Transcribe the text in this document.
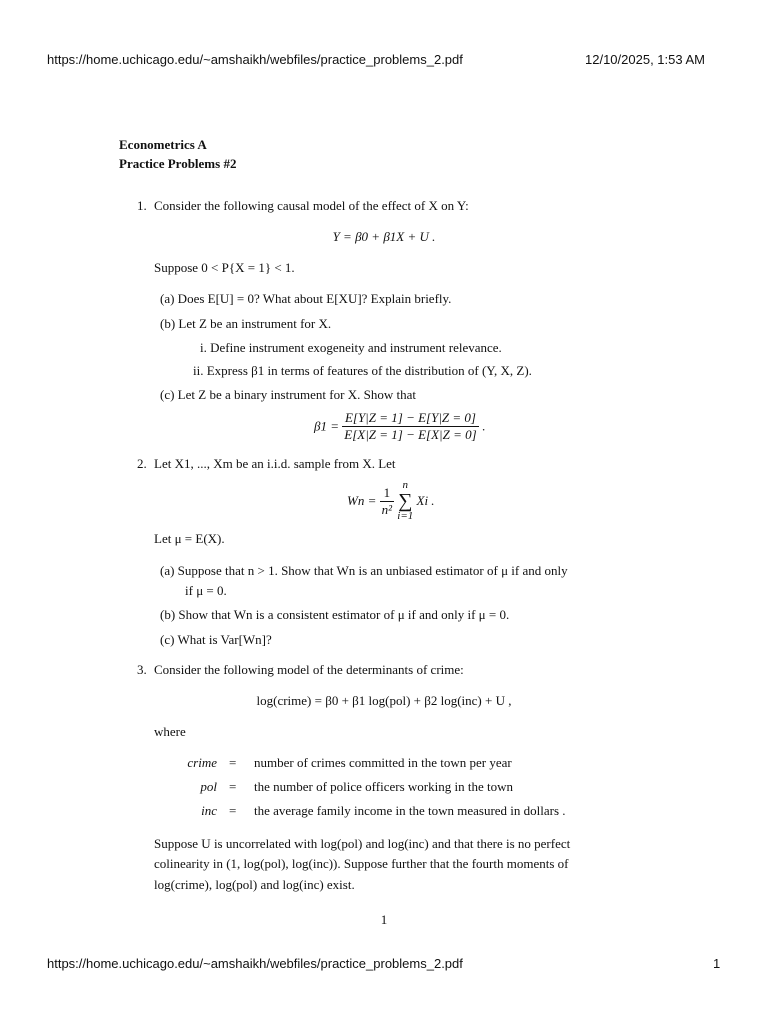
https://home.uchicago.edu/~amshaikh/webfiles/practice_problems_2.pdf	12/10/2025, 1:53 AM
Econometrics A
Practice Problems #2
1. Consider the following causal model of the effect of X on Y:
Y = β0 + β1X + U .
Suppose 0 < P{X = 1} < 1.
(a) Does E[U] = 0? What about E[XU]? Explain briefly.
(b) Let Z be an instrument for X.
i. Define instrument exogeneity and instrument relevance.
ii. Express β1 in terms of features of the distribution of (Y, X, Z).
(c) Let Z be a binary instrument for X. Show that
$\beta 1 = \frac{E[Y|Z = 1] - E[Y|Z = 0]}{E[X|Z = 1] - E[X|Z = 0]}$ .
2. Let X1, ..., Xm be an i.i.d. sample from X. Let
$Wn = \frac{1}{\text{n²}}$ n
∑
i=1 Xi .
Let μ = E(X).
(a) Suppose that n > 1. Show that Wn is an unbiased estimator of μ if and only
if μ = 0.
(b) Show that Wn is a consistent estimator of μ if and only if μ = 0.
(c) What is Var[Wn]?
3. Consider the following model of the determinants of crime:
log(crime) = β0 + β1 log(pol) + β2 log(inc) + U ,
where
crime = number of crimes committed in the town per year
pol = the number of police officers working in the town
inc = the average family income in the town measured in dollars .
Suppose U is uncorrelated with log(pol) and log(inc) and that there is no perfect
colinearity in (1, log(pol), log(inc)). Suppose further that the fourth moments of
log(crime), log(pol) and log(inc) exist.
1
https://home.uchicago.edu/~amshaikh/webfiles/practice_problems_2.pdf	1
